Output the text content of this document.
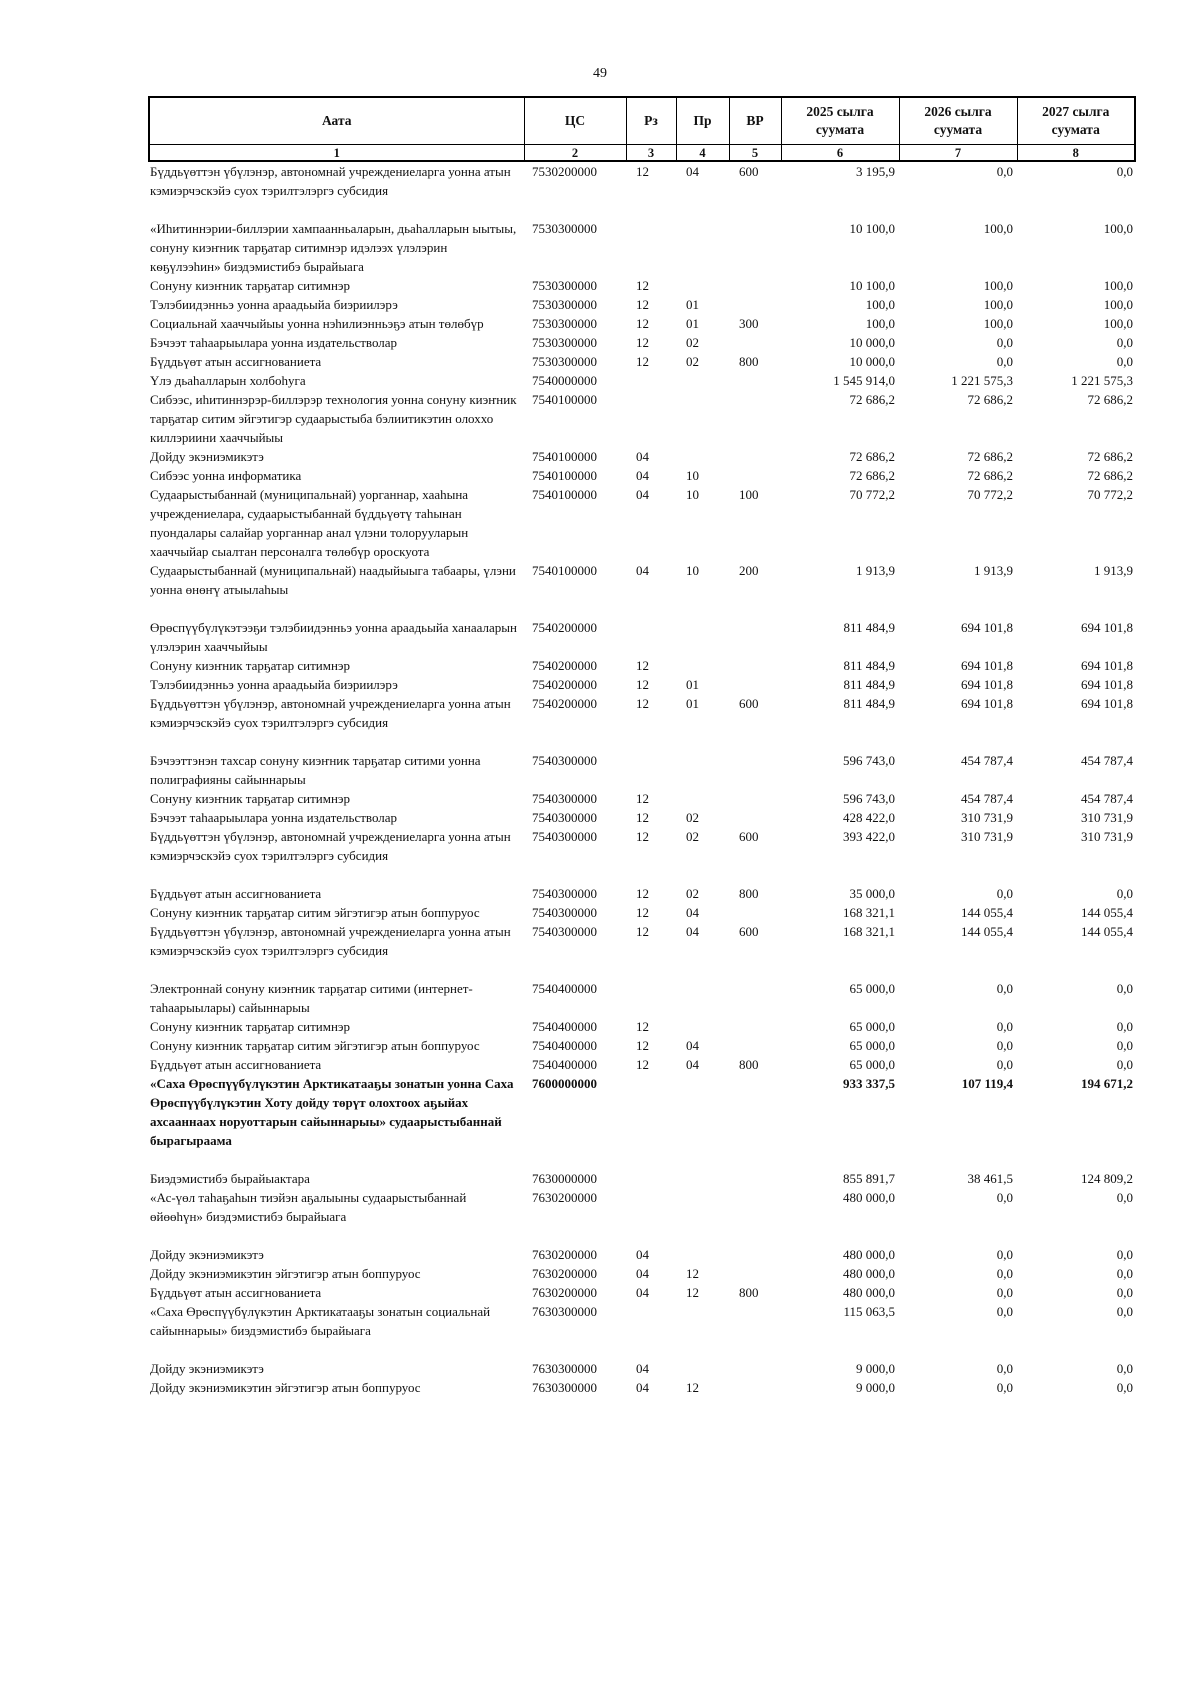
49
Аата	ЦС	Рз	Пр	ВР	2025 сылга суумата	2026 сылга суумата	2027 сылга суумата
1	2	3	4	5	6	7	8
Бүддьүөттэн үбүлэнэр, автономнай учреждениеларга уонна атын кэмиэрчэскэйэ суох тэрилтэлэргэ субсидия	7530200000	12	04	600	3 195,9	0,0	0,0
«Иһитиннэрии-биллэрии хампаанньаларын, дьаһалларын ыытыы, сонуну киэҥник тарҕатар ситимнэр идэлээх үлэлэрин кѳҕүлээһин» биэдэмистибэ бырайыага	7530300000				10 100,0	100,0	100,0
Сонуну киэҥник тарҕатар ситимнэр	7530300000	12			10 100,0	100,0	100,0
Тэлэбиидэнньэ уонна араадьыйа биэриилэрэ	7530300000	12	01		100,0	100,0	100,0
Социальнай хааччыйыы уонна нэһилиэнньэҕэ атын төлөбүр	7530300000	12	01	300	100,0	100,0	100,0
Бэчээт таһаарыылара уонна издательстволар	7530300000	12	02		10 000,0	0,0	0,0
Бүддьүөт атын ассигнованиета	7530300000	12	02	800	10 000,0	0,0	0,0
Үлэ дьаһалларын холбоһуга	7540000000				1 545 914,0	1 221 575,3	1 221 575,3
Сибээс, иһитиннэрэр-биллэрэр технология уонна сонуну киэҥник тарҕатар ситим эйгэтигэр судаарыстыба бэлиитикэтин олоххо киллэриини хааччыйыы	7540100000				72 686,2	72 686,2	72 686,2
Дойду экэниэмикэтэ	7540100000	04			72 686,2	72 686,2	72 686,2
Сибээс уонна информатика	7540100000	04	10		72 686,2	72 686,2	72 686,2
Судаарыстыбаннай (муниципальнай) уорганнар, хааһына учреждениелара, судаарыстыбаннай бүддьүөтү таһынан пуондалары салайар уорганнар анал үлэни толорууларын хааччыйар сыалтан персоналга төлөбүр ороскуота	7540100000	04	10	100	70 772,2	70 772,2	70 772,2
Судаарыстыбаннай (муниципальнай) наадыйыыга табаары, үлэни уонна өнөҥү атыылаһыы	7540100000	04	10	200	1 913,9	1 913,9	1 913,9
Өрөспүүбүлүкэтээҕи тэлэбиидэнньэ уонна араадьыйа ханааларын үлэлэрин хааччыйыы	7540200000				811 484,9	694 101,8	694 101,8
Сонуну киэҥник тарҕатар ситимнэр	7540200000	12			811 484,9	694 101,8	694 101,8
Тэлэбиидэнньэ уонна араадьыйа биэриилэрэ	7540200000	12	01		811 484,9	694 101,8	694 101,8
Бүддьүөттэн үбүлэнэр, автономнай учреждениеларга уонна атын кэмиэрчэскэйэ суох тэрилтэлэргэ субсидия	7540200000	12	01	600	811 484,9	694 101,8	694 101,8
Бэчээттэнэн тахсар сонуну киэҥник тарҕатар ситими уонна полиграфияны сайыннарыы	7540300000				596 743,0	454 787,4	454 787,4
Сонуну киэҥник тарҕатар ситимнэр	7540300000	12			596 743,0	454 787,4	454 787,4
Бэчээт таһаарыылара уонна издательстволар	7540300000	12	02		428 422,0	310 731,9	310 731,9
Бүддьүөттэн үбүлэнэр, автономнай учреждениеларга уонна атын кэмиэрчэскэйэ суох тэрилтэлэргэ субсидия	7540300000	12	02	600	393 422,0	310 731,9	310 731,9
Бүддьүөт атын ассигнованиета	7540300000	12	02	800	35 000,0	0,0	0,0
Сонуну киэҥник тарҕатар ситим эйгэтигэр атын боппуруос	7540300000	12	04		168 321,1	144 055,4	144 055,4
Бүддьүөттэн үбүлэнэр, автономнай учреждениеларга уонна атын кэмиэрчэскэйэ суох тэрилтэлэргэ субсидия	7540300000	12	04	600	168 321,1	144 055,4	144 055,4
Электроннай сонуну киэҥник тарҕатар ситими (интернет-таһаарыылары) сайыннарыы	7540400000				65 000,0	0,0	0,0
Сонуну киэҥник тарҕатар ситимнэр	7540400000	12			65 000,0	0,0	0,0
Сонуну киэҥник тарҕатар ситим эйгэтигэр атын боппуруос	7540400000	12	04		65 000,0	0,0	0,0
Бүддьүөт атын ассигнованиета	7540400000	12	04	800	65 000,0	0,0	0,0
«Саха Өрөспүүбүлүкэтин Арктикатааҕы зонатын уонна Саха Өрөспүүбүлүкэтин Хоту дойду төрүт олохтоох аҕыйах ахсааннаах норуоттарын сайыннарыы» судаарыстыбаннай бырагыраама	7600000000				933 337,5	107 119,4	194 671,2
Биэдэмистибэ бырайыактара	7630000000				855 891,7	38 461,5	124 809,2
«Ас-үөл таһаҕаһын тиэйэн аҕалыыны судаарыстыбаннай өйөөһүн» биэдэмистибэ бырайыага	7630200000				480 000,0	0,0	0,0
Дойду экэниэмикэтэ	7630200000	04			480 000,0	0,0	0,0
Дойду экэниэмикэтин эйгэтигэр атын боппуруос	7630200000	04	12		480 000,0	0,0	0,0
Бүддьүөт атын ассигнованиета	7630200000	04	12	800	480 000,0	0,0	0,0
«Саха Өрөспүүбүлүкэтин Арктикатааҕы зонатын социальнай сайыннарыы» биэдэмистибэ бырайыага	7630300000				115 063,5	0,0	0,0
Дойду экэниэмикэтэ	7630300000	04			9 000,0	0,0	0,0
Дойду экэниэмикэтин эйгэтигэр атын боппуруос	7630300000	04	12		9 000,0	0,0	0,0
